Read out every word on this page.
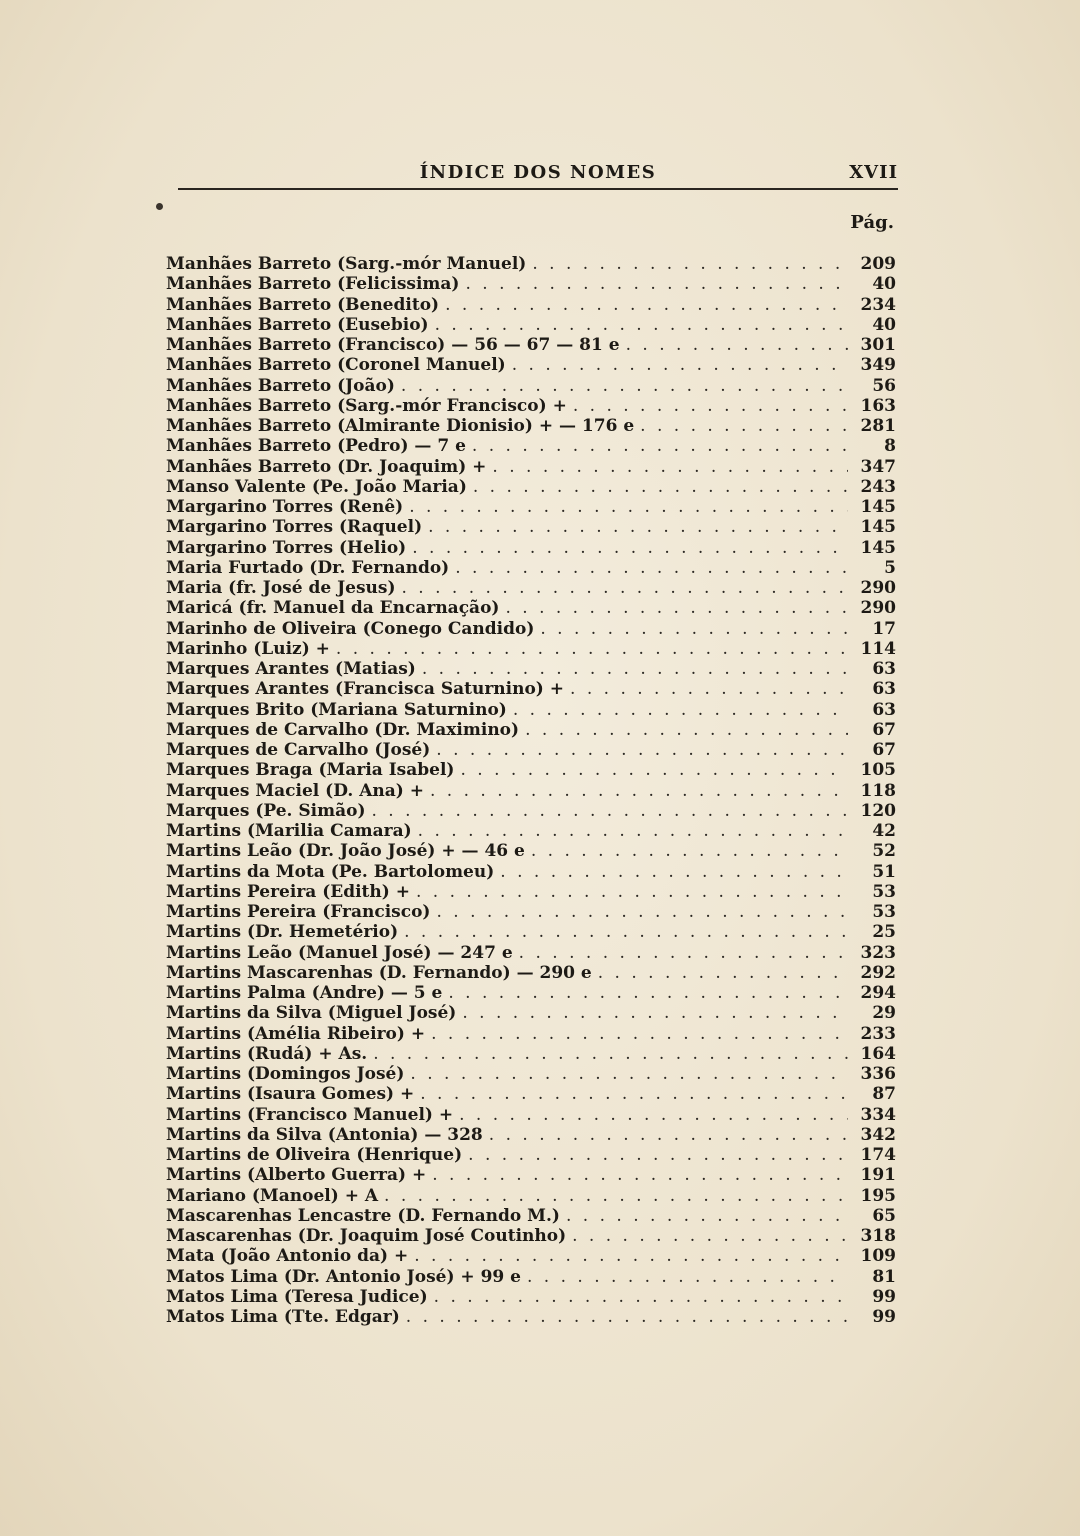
ÍNDICE DOS NOMES	XVII
Pág.
Manhães Barreto (Sarg.-mór Manuel) . . .	209
Manhães Barreto (Felicissima) . . .	40
Manhães Barreto (Benedito) . . .	234
Manhães Barreto (Eusebio) . . .	40
Manhães Barreto (Francisco) — 56 — 67 — 81 e . . .	301
Manhães Barreto (Coronel Manuel) . . .	349
Manhães Barreto (João) . . .	56
Manhães Barreto (Sarg.-mór Francisco) + . . .	163
Manhães Barreto (Almirante Dionisio) + — 176 e . . .	281
Manhães Barreto (Pedro) — 7 e . . .	8
Manhães Barreto (Dr. Joaquim) + . . .	347
Manso Valente (Pe. João Maria) . . .	243
Margarino Torres (Renê) . . .	145
Margarino Torres (Raquel) . . .	145
Margarino Torres (Helio) . . .	145
Maria Furtado (Dr. Fernando) . . .	5
Maria (fr. José de Jesus) . . .	290
Maricá (fr. Manuel da Encarnação) . . .	290
Marinho de Oliveira (Conego Candido) . . .	17
Marinho (Luiz) + . . .	114
Marques Arantes (Matias) . . .	63
Marques Arantes (Francisca Saturnino) + . . .	63
Marques Brito (Mariana Saturnino) . . .	63
Marques de Carvalho (Dr. Maximino) . . .	67
Marques de Carvalho (José) . . .	67
Marques Braga (Maria Isabel) . . .	105
Marques Maciel (D. Ana) + . . .	118
Marques (Pe. Simão) . . .	120
Martins (Marilia Camara) . . .	42
Martins Leão (Dr. João José) + — 46 e . . .	52
Martins da Mota (Pe. Bartolomeu) . . .	51
Martins Pereira (Edith) + . . .	53
Martins Pereira (Francisco) . . .	53
Martins (Dr. Hemetério) . . .	25
Martins Leão (Manuel José) — 247 e . . .	323
Martins Mascarenhas (D. Fernando) — 290 e . . .	292
Martins Palma (Andre) — 5 e . . .	294
Martins da Silva (Miguel José) . . .	29
Martins (Amélia Ribeiro) + . . .	233
Martins (Rudá) + As. . . .	164
Martins (Domingos José) . . .	336
Martins (Isaura Gomes) + . . .	87
Martins (Francisco Manuel) + . . .	334
Martins da Silva (Antonia) — 328 . . .	342
Martins de Oliveira (Henrique) . . .	174
Martins (Alberto Guerra) + . . .	191
Mariano (Manoel) + A . . .	195
Mascarenhas Lencastre (D. Fernando M.) . . .	65
Mascarenhas (Dr. Joaquim José Coutinho) . . .	318
Mata (João Antonio da) + . . .	109
Matos Lima (Dr. Antonio José) + 99 e . . .	81
Matos Lima (Teresa Judice) . . .	99
Matos Lima (Tte. Edgar) . . .	99
